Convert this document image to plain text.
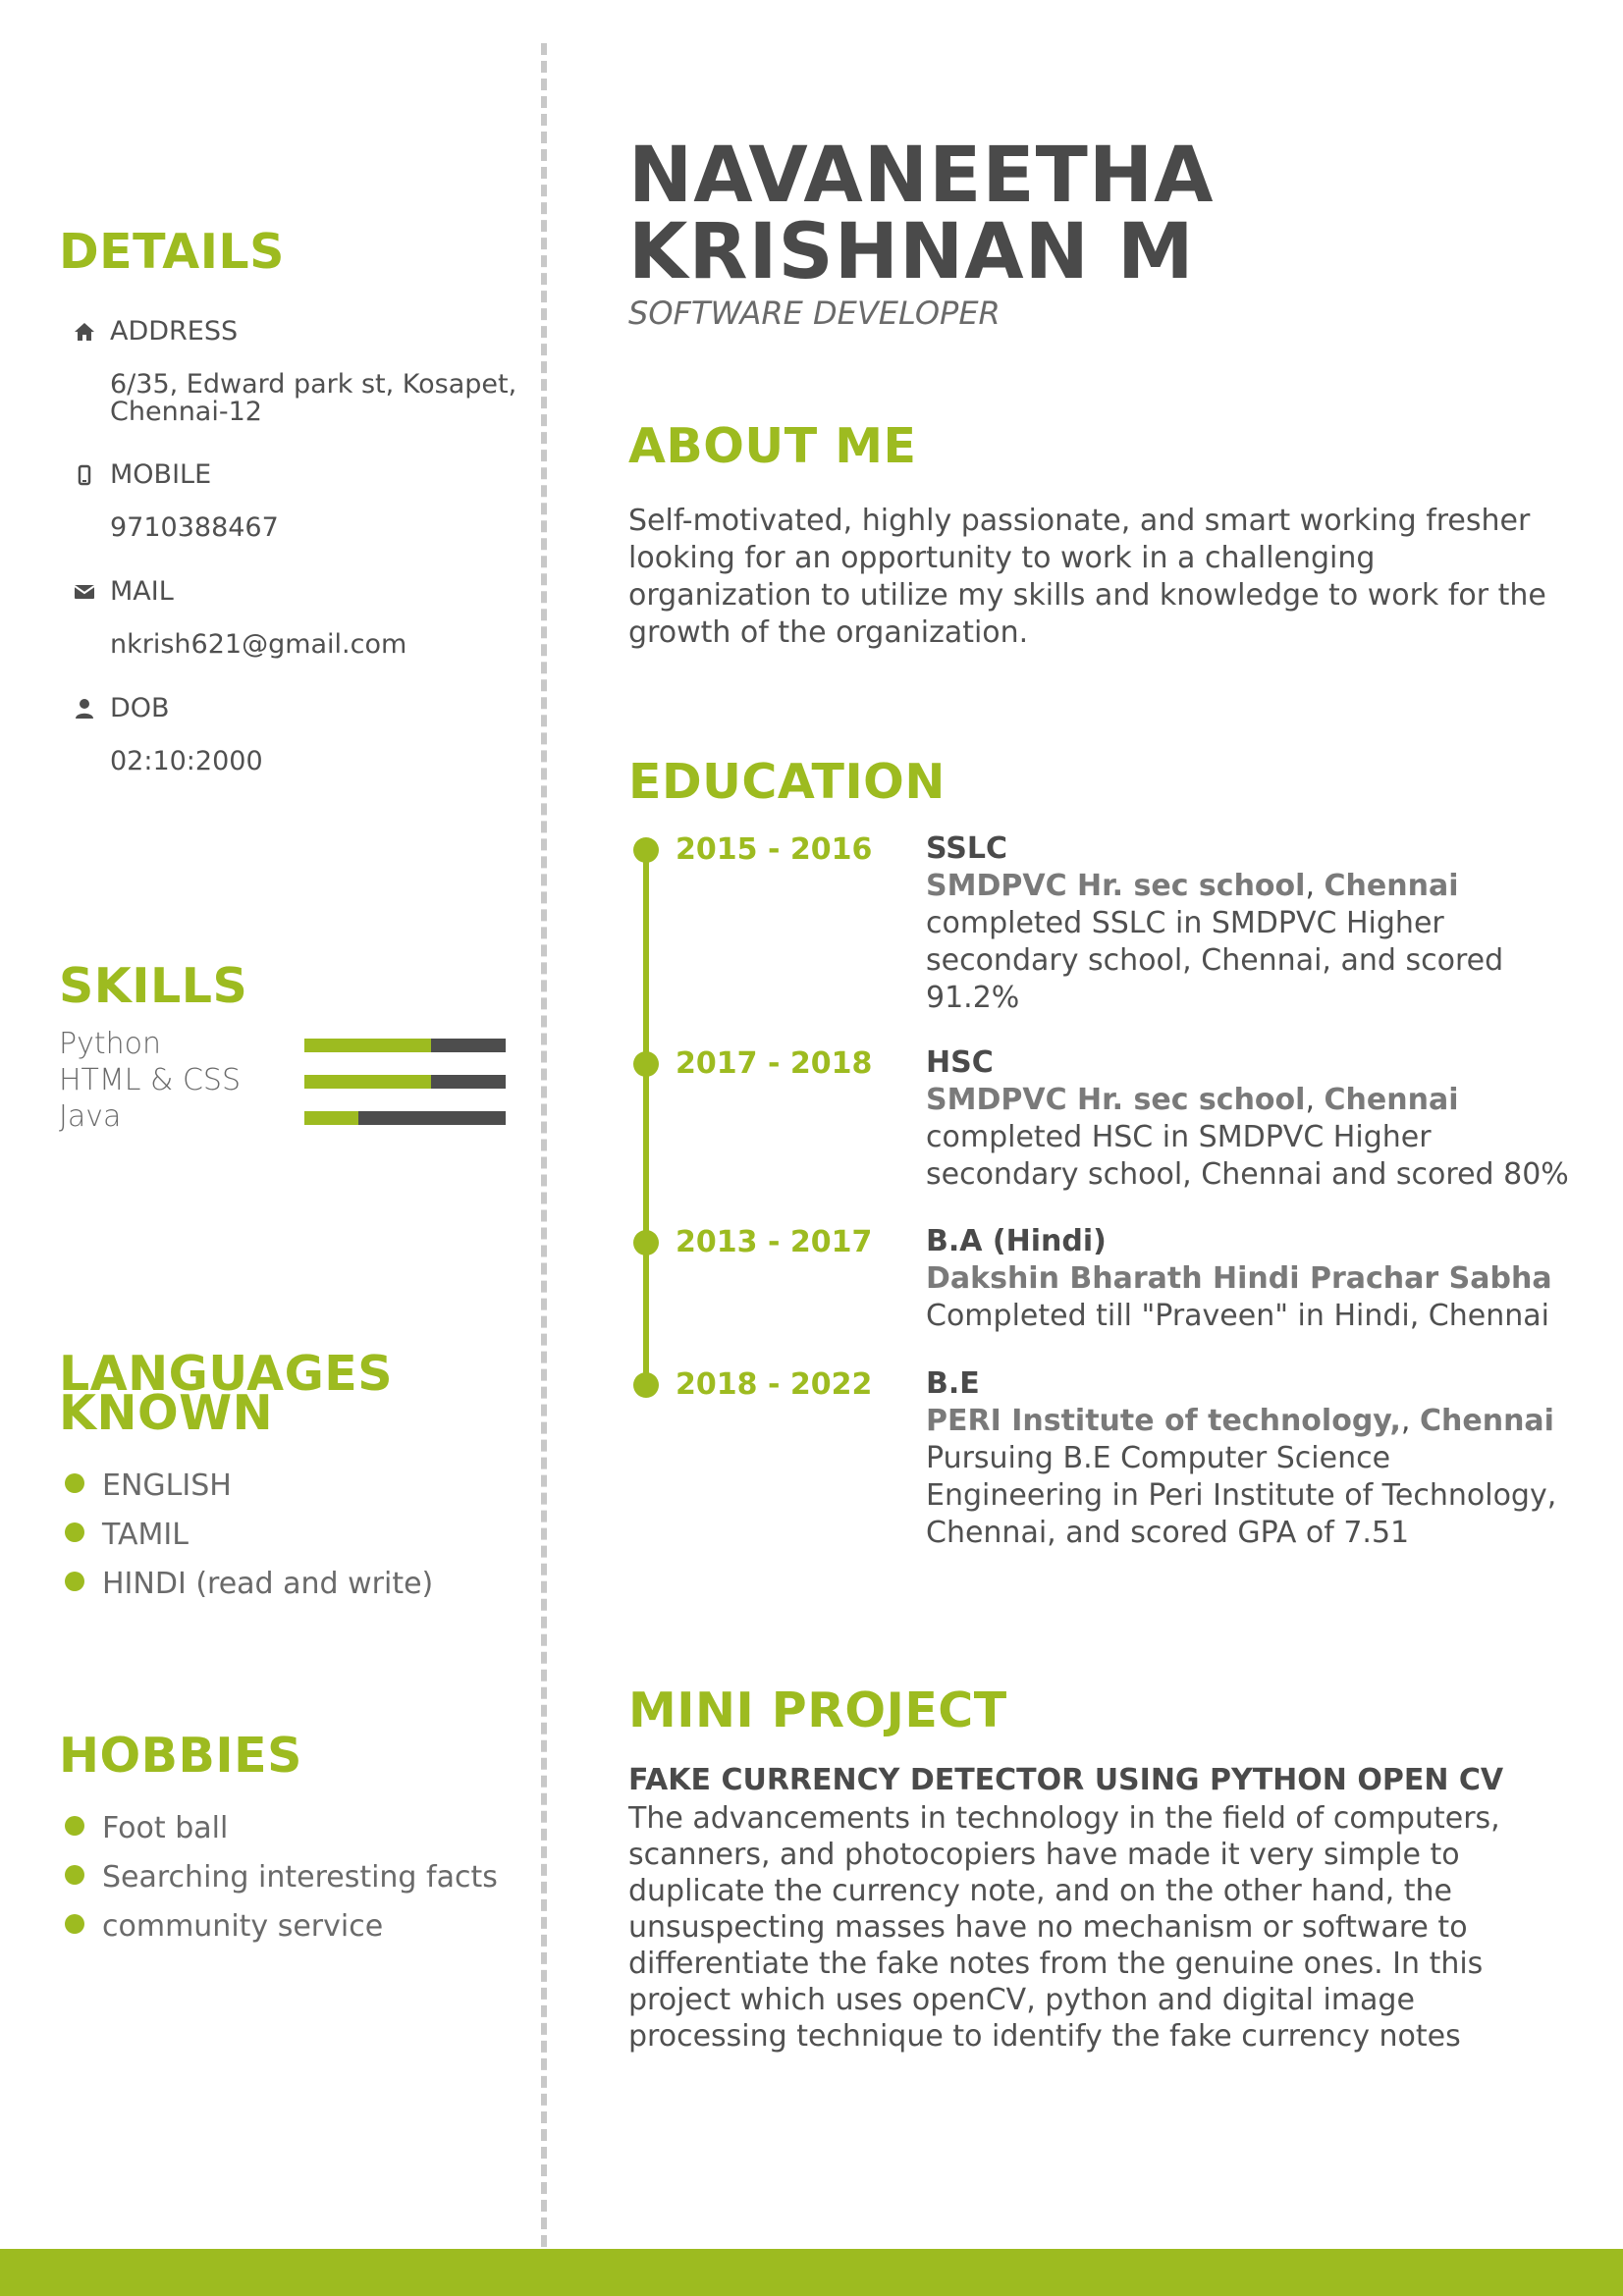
DETAILS
ADDRESS
6/35, Edward park st, Kosapet, Chennai-12
MOBILE
9710388467
MAIL
nkrish621@gmail.com
DOB
02:10:2000
SKILLS
Python
HTML & CSS
Java
LANGUAGES
KNOWN
ENGLISH
TAMIL
HINDI (read and write)
HOBBIES
Foot ball
Searching interesting facts
community service
NAVANEETHA
KRISHNAN M
SOFTWARE DEVELOPER
ABOUT ME
Self-motivated, highly passionate, and smart working fresher looking for an opportunity to work in a challenging organization to utilize my skills and knowledge to work for the growth of the organization.
EDUCATION
2015 - 2016 SSLC
SMDPVC Hr. sec school, Chennai
completed SSLC in SMDPVC Higher secondary school, Chennai, and scored 91.2%
2017 - 2018 HSC
SMDPVC Hr. sec school, Chennai
completed HSC in SMDPVC Higher secondary school, Chennai and scored 80%
2013 - 2017 B.A (Hindi)
Dakshin Bharath Hindi Prachar Sabha
Completed till "Praveen" in Hindi, Chennai
2018 - 2022 B.E
PERI Institute of technology,, Chennai
Pursuing B.E Computer Science Engineering in Peri Institute of Technology, Chennai, and scored GPA of 7.51
MINI PROJECT
FAKE CURRENCY DETECTOR USING PYTHON OPEN CV
The advancements in technology in the field of computers, scanners, and photocopiers have made it very simple to duplicate the currency note, and on the other hand, the unsuspecting masses have no mechanism or software to differentiate the fake notes from the genuine ones. In this project which uses openCV, python and digital image processing technique to identify the fake currency notes
